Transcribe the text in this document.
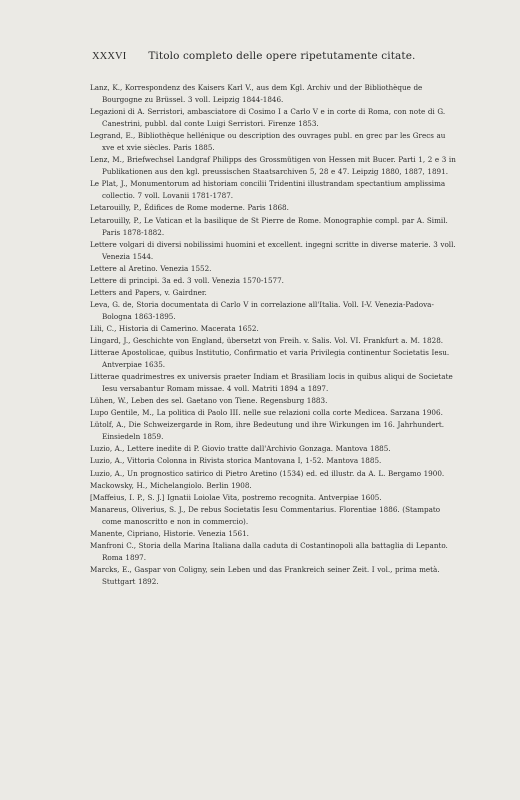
XXXVI Titolo completo delle opere ripetutamente citate.

Lanz, K., Korrespondenz des Kaisers Karl V., aus dem Kgl. Archiv und der Bibliothèque de Bourgogne zu Brüssel. 3 voll. Leipzig 1844-1846.

Legazioni di A. Serristori, ambasciatore di Cosimo I a Carlo V e in corte di Roma, con note di G. Canestrini, pubbl. dal conte Luigi Serristori. Firenze 1853.

Legrand, E., Bibliothèque hellénique ou description des ouvrages publ. en grec par les Grecs au xve et xvie siècles. Paris 1885.

Lenz, M., Briefwechsel Landgraf Philipps des Grossmütigen von Hessen mit Bucer. Parti 1, 2 e 3 in Publikationen aus den kgl. preussischen Staatsarchiven 5, 28 e 47. Leipzig 1880, 1887, 1891.

Le Plat, J., Monumentorum ad historiam concilii Tridentini illustrandam spectantium amplissima collectio. 7 voll. Lovanii 1781-1787.

Letarouilly, P., Édifices de Rome moderne. Paris 1868.

Letarouilly, P., Le Vatican et la basilique de St Pierre de Rome. Monographie compl. par A. Simil. Paris 1878-1882.

Lettere volgari di diversi nobilissimi huomini et excellent. ingegni scritte in diverse materie. 3 voll. Venezia 1544.

Lettere al Aretino. Venezia 1552.

Lettere di principi. 3a ed. 3 voll. Venezia 1570-1577.

Letters and Papers, v. Gairdner.

Leva, G. de, Storia documentata di Carlo V in correlazione all'Italia. Voll. I-V. Venezia-Padova-Bologna 1863-1895.

Lili, C., Historia di Camerino. Macerata 1652.

Lingard, J., Geschichte von England, übersetzt von Freih. v. Salis. Vol. VI. Frankfurt a. M. 1828.

Litterae Apostolicae, quibus Institutio, Confirmatio et varia Privilegia continentur Societatis Iesu. Antverpiae 1635.

Litterae quadrimestres ex universis praeter Indiam et Brasiliam locis in quibus aliqui de Societate Iesu versabantur Romam missae. 4 voll. Matriti 1894 a 1897.

Lühen, W., Leben des sel. Gaetano von Tiene. Regensburg 1883.

Lupo Gentile, M., La politica di Paolo III. nelle sue relazioni colla corte Medicea. Sarzana 1906.

Lütolf, A., Die Schweizergarde in Rom, ihre Bedeutung und ihre Wirkungen im 16. Jahrhundert. Einsiedeln 1859.

Luzio, A., Lettere inedite di P. Giovio tratte dall'Archivio Gonzaga. Mantova 1885.

Luzio, A., Vittoria Colonna in Rivista storica Mantovana I, 1-52. Mantova 1885.

Luzio, A., Un prognostico satirico di Pietro Aretino (1534) ed. ed illustr. da A. L. Bergamo 1900.

Mackowsky, H., Michelangiolo. Berlin 1908.

[Maffeius, I. P., S. J.] Ignatii Loiolae Vita, postremo recognita. Antverpiae 1605.

Manareus, Oliverius, S. J., De rebus Societatis Iesu Commentarius. Florentiae 1886. (Stampato come manoscritto e non in commercio).

Manente, Cipriano, Historie. Venezia 1561.

Manfroni C., Storia della Marina Italiana dalla caduta di Costantinopoli alla battaglia di Lepanto. Roma 1897.

Marcks, E., Gaspar von Coligny, sein Leben und das Frankreich seiner Zeit. I vol., prima metà. Stuttgart 1892.
